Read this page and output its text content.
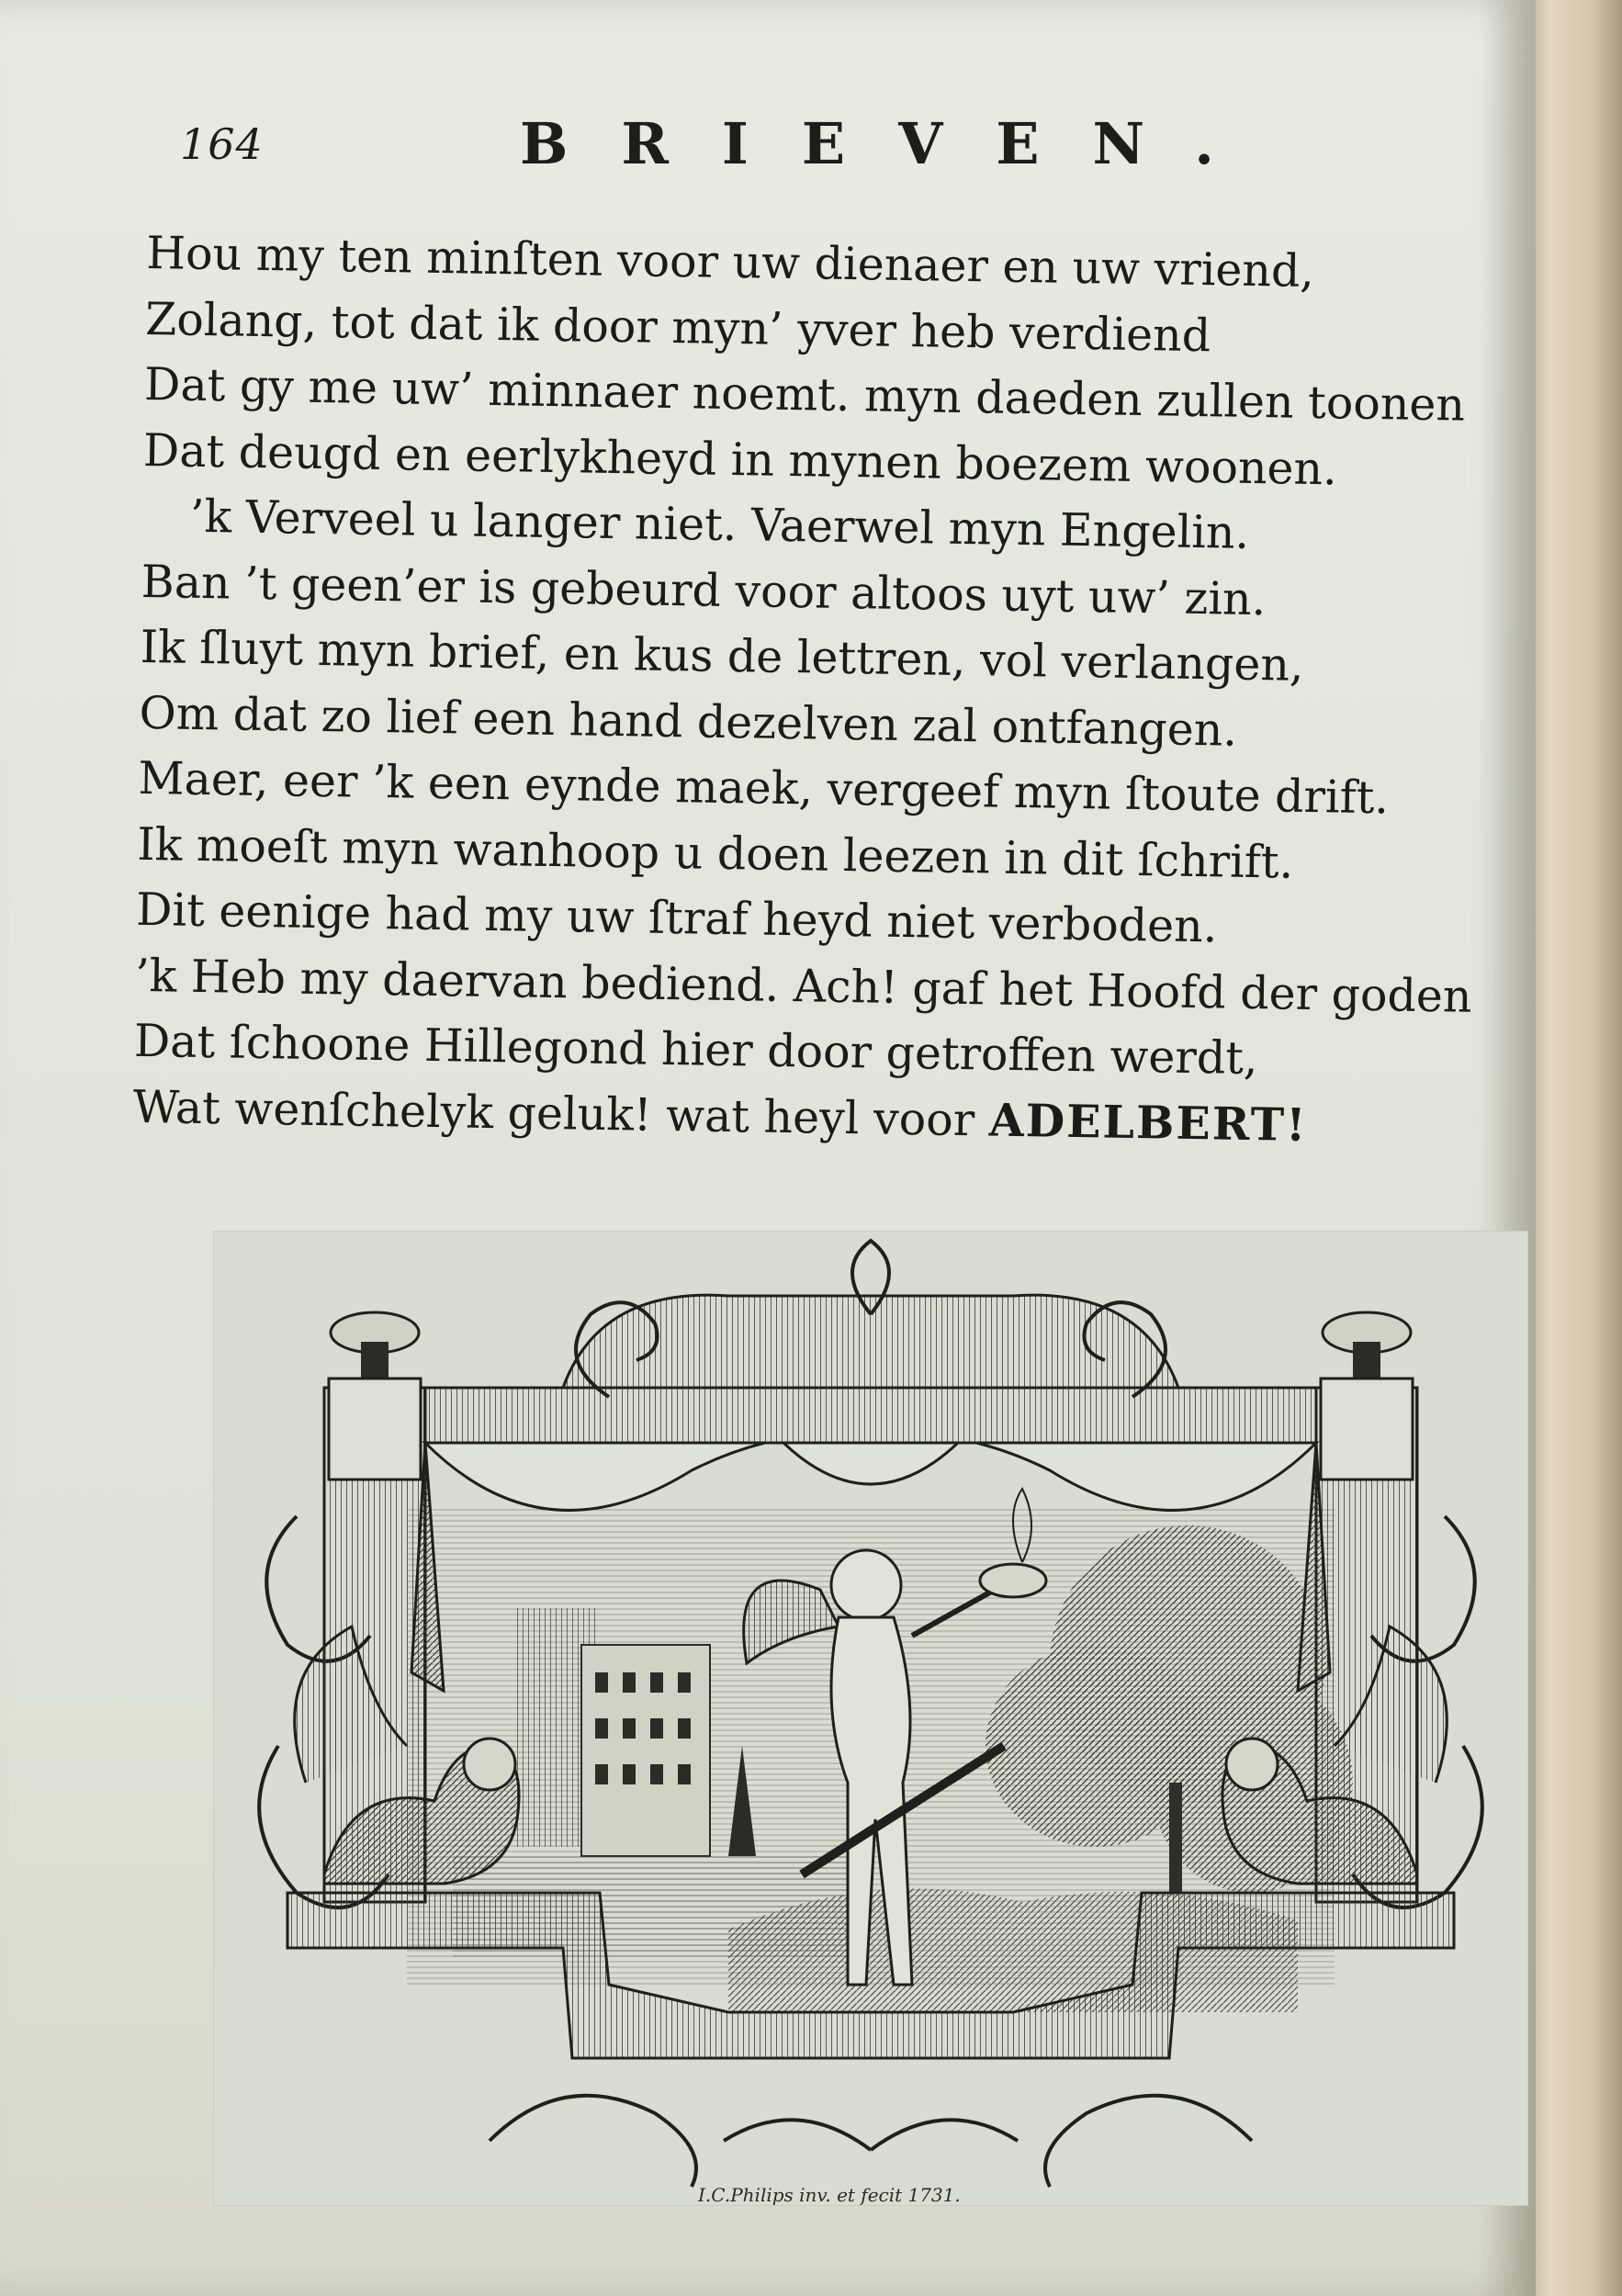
164	BRIEVEN.
Hou my ten minſten voor uw dienaer en uw vriend,
Zolang, tot dat ik door myn’ yver heb verdiend
Dat gy me uw’ minnaer noemt. myn daeden zullen toonen
Dat deugd en eerlykheyd in mynen boezem woonen.
’k Verveel u langer niet. Vaerwel myn Engelin.
Ban ’t geen’er is gebeurd voor altoos uyt uw’ zin.
Ik ſluyt myn brief, en kus de lettren, vol verlangen,
Om dat zo lief een hand dezelven zal ontfangen.
Maer, eer ’k een eynde maek, vergeef myn ſtoute drift.
Ik moeſt myn wanhoop u doen leezen in dit ſchrift.
Dit eenige had my uw ſtraf heyd niet verboden.
’k Heb my daervan bediend. Ach! gaf het Hoofd der goden
Dat ſchoone Hillegond hier door getroffen werdt,
Wat wenſchelyk geluk! wat heyl voor ADELBERT!
I.C.Philips inv. et fecit 1731.
